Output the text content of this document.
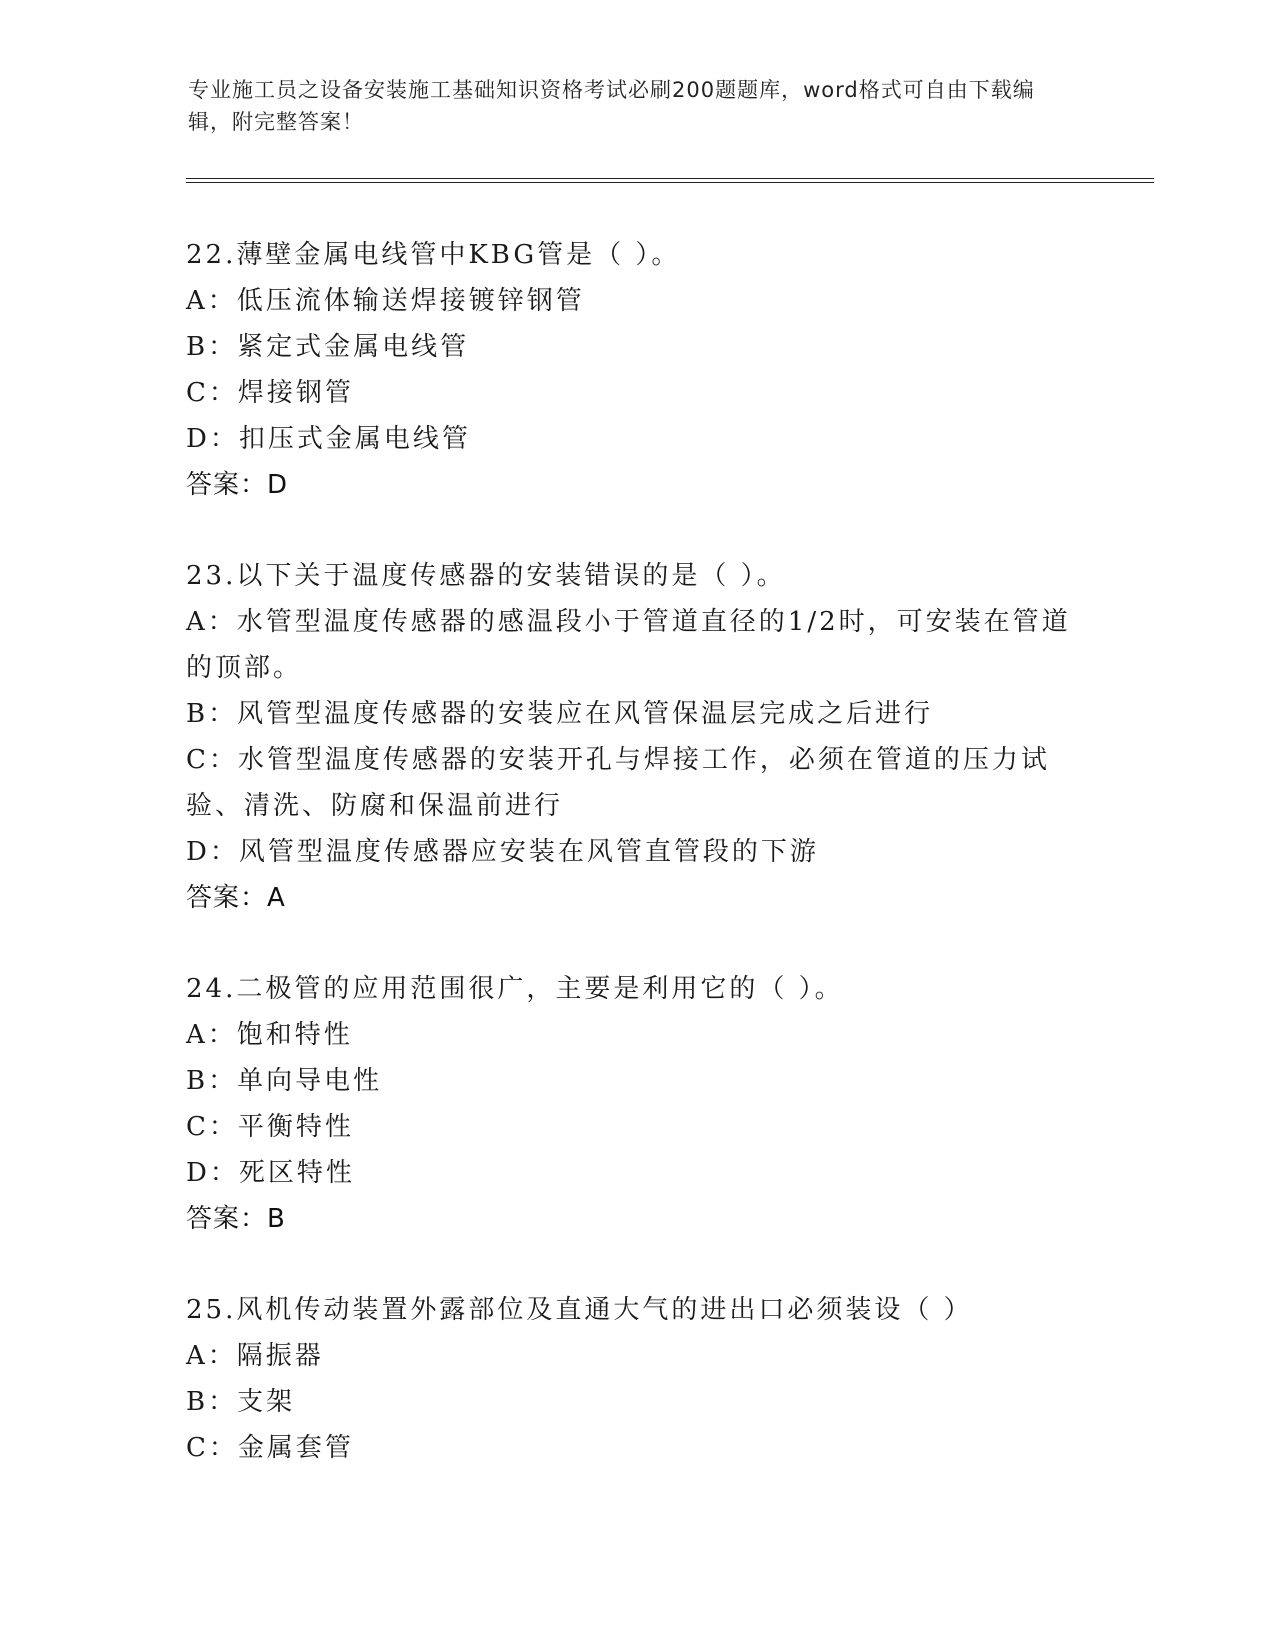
专业施工员之设备安装施工基础知识资格考试必刷200题题库，word格式可自由下载编辑，附完整答案！
22.薄壁金属电线管中KBG管是（ ）。
A：低压流体输送焊接镀锌钢管
B：紧定式金属电线管
C：焊接钢管
D：扣压式金属电线管
答案：D
23.以下关于温度传感器的安装错误的是（ ）。
A：水管型温度传感器的感温段小于管道直径的1/2时，可安装在管道的顶部。
B：风管型温度传感器的安装应在风管保温层完成之后进行
C：水管型温度传感器的安装开孔与焊接工作，必须在管道的压力试验、清洗、防腐和保温前进行
D：风管型温度传感器应安装在风管直管段的下游
答案：A
24.二极管的应用范围很广，主要是利用它的（ ）。
A：饱和特性
B：单向导电性
C：平衡特性
D：死区特性
答案：B
25.风机传动装置外露部位及直通大气的进出口必须装设（ ）
A：隔振器
B：支架
C：金属套管
